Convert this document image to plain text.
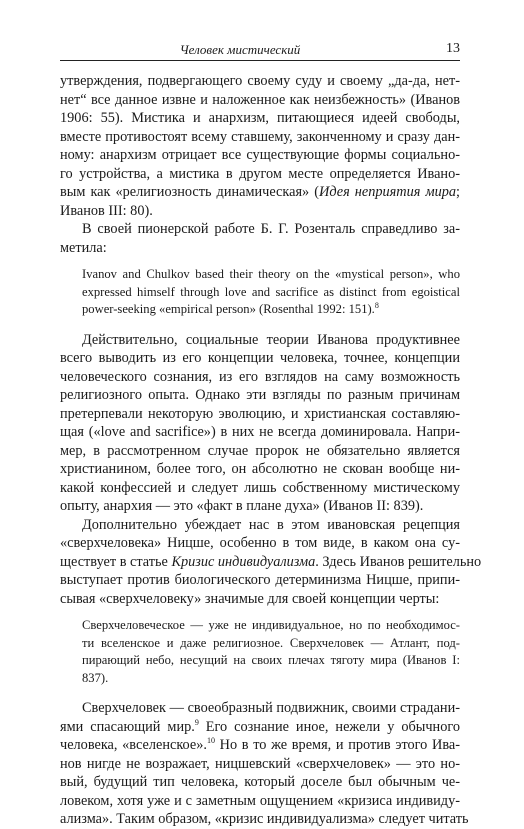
Человек мистический	13
утверждения, подвергающего своему суду и своему „да-да, нет-
нет“ все данное извне и наложенное как неизбежность» (Иванов
1906: 55). Мистика и анархизм, питающиеся идеей свободы,
вместе противостоят всему ставшему, законченному и сразу дан-
ному: анархизм отрицает все существующие формы социально-
го устройства, а мистика в другом месте определяется Ивано-
вым как «религиозность динамическая» (Идея неприятия мира;
Иванов III: 80).
В своей пионерской работе Б. Г. Розенталь справедливо за-
метила:
Ivanov and Chulkov based their theory on the «mystical person», who
expressed himself through love and sacrifice as distinct from egoistical
power-seeking «empirical person» (Rosenthal 1992: 151).$^8$
Действительно, социальные теории Иванова продуктивнее
всего выводить из его концепции человека, точнее, концепции
человеческого сознания, из его взглядов на саму возможность
религиозного опыта. Однако эти взгляды по разным причинам
претерпевали некоторую эволюцию, и христианская составляю-
щая («love and sacrifice») в них не всегда доминировала. Напри-
мер, в рассмотренном случае пророк не обязательно является
христианином, более того, он абсолютно не скован вообще ни-
какой конфессией и следует лишь собственному мистическому
опыту, анархия — это «факт в плане духа» (Иванов II: 839).
Дополнительно убеждает нас в этом ивановская рецепция
«сверхчеловека» Ницше, особенно в том виде, в каком она су-
ществует в статье Кризис индивидуализма. Здесь Иванов решительно
выступает против биологического детерминизма Ницше, припи-
сывая «сверхчеловеку» значимые для своей концепции черты:
Сверхчеловеческое — уже не индивидуальное, но по необходимос-
ти вселенское и даже религиозное. Сверхчеловек — Атлант, под-
пирающий небо, несущий на своих плечах тяготу мира (Иванов I:
837).
Сверхчеловек — своеобразный подвижник, своими страдани-
ями спасающий мир.$^9$ Его сознание иное, нежели у обычного
человека, «вселенское».$^{10}$ Но в то же время, и против этого Ива-
нов нигде не возражает, ницшевский «сверхчеловек» — это но-
вый, будущий тип человека, который доселе был обычным че-
ловеком, хотя уже и с заметным ощущением «кризиса индивиду-
ализма». Таким образом, «кризис индивидуализма» следует читать
